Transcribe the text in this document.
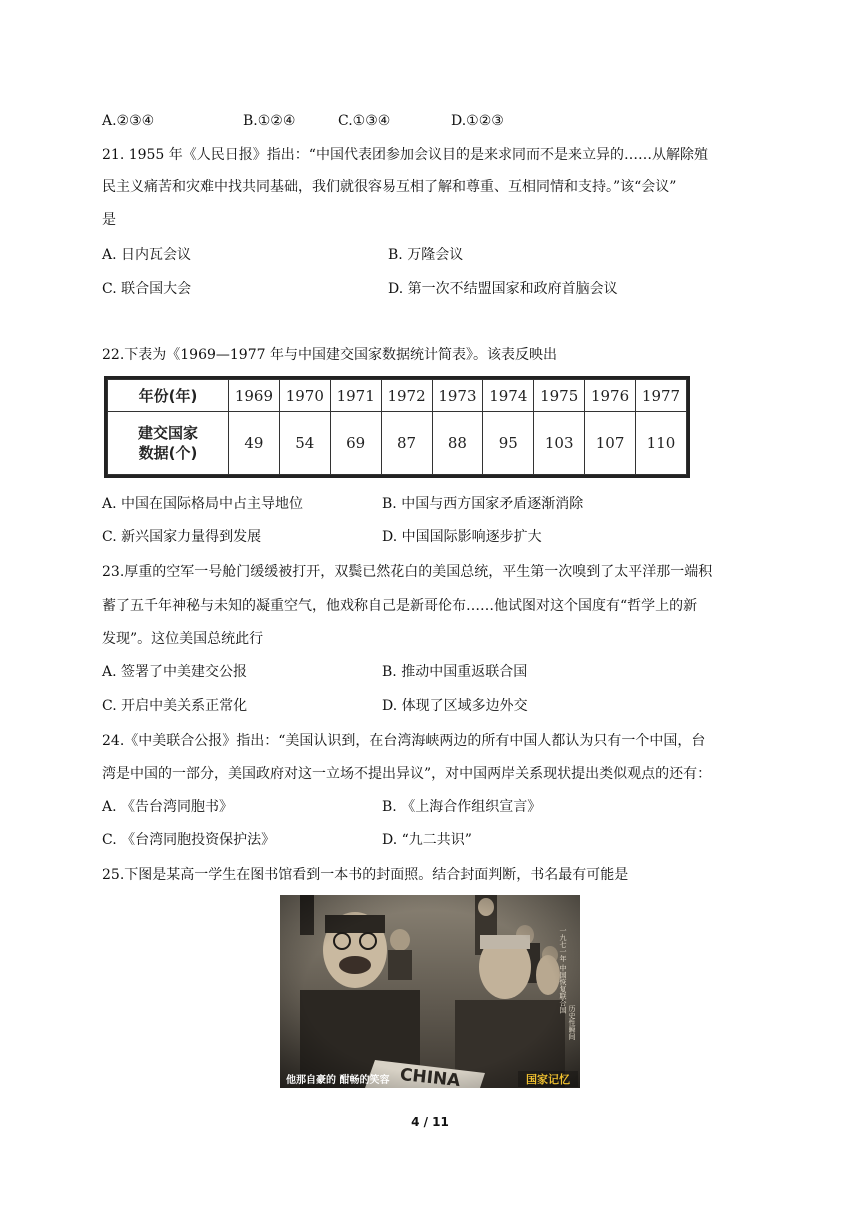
A.②③④	B.①②④	C.①③④	D.①②③
21. 1955 年《人民日报》指出：“中国代表团参加会议目的是来求同而不是来立异的……从解除殖
民主义痛苦和灾难中找共同基础，我们就很容易互相了解和尊重、互相同情和支持。”该“会议”
是
A. 日内瓦会议	B. 万隆会议
C. 联合国大会	D. 第一次不结盟国家和政府首脑会议
22.下表为《1969—1977 年与中国建交国家数据统计简表》。该表反映出
年份(年)	1969	1970	1971	1972	1973	1974	1975	1976	1977

建交国家
数据(个)	49	54	69	87	88	95	103	107	110
A. 中国在国际格局中占主导地位	B. 中国与西方国家矛盾逐渐消除
C. 新兴国家力量得到发展	D. 中国国际影响逐步扩大
23.厚重的空军一号舱门缓缓被打开，双鬓已然花白的美国总统，平生第一次嗅到了太平洋那一端积
蓄了五千年神秘与未知的凝重空气，他戏称自己是新哥伦布……他试图对这个国度有“哲学上的新
发现”。这位美国总统此行
A. 签署了中美建交公报	B. 推动中国重返联合国
C. 开启中美关系正常化	D. 体现了区域多边外交
24.《中美联合公报》指出：“美国认识到，在台湾海峡两边的所有中国人都认为只有一个中国，台
湾是中国的一部分，美国政府对这一立场不提出异议”，对中国两岸关系现状提出类似观点的还有：
A. 《告台湾同胞书》	B. 《上海合作组织宣言》
C. 《台湾同胞投资保护法》	D. “九二共识”
25.下图是某高一学生在图书馆看到一本书的封面照。结合封面判断，书名最有可能是
一九七一年 中国恢复联合国
历史性瞬间
他那自豪的 酣畅的笑容	国家记忆
4 / 11
